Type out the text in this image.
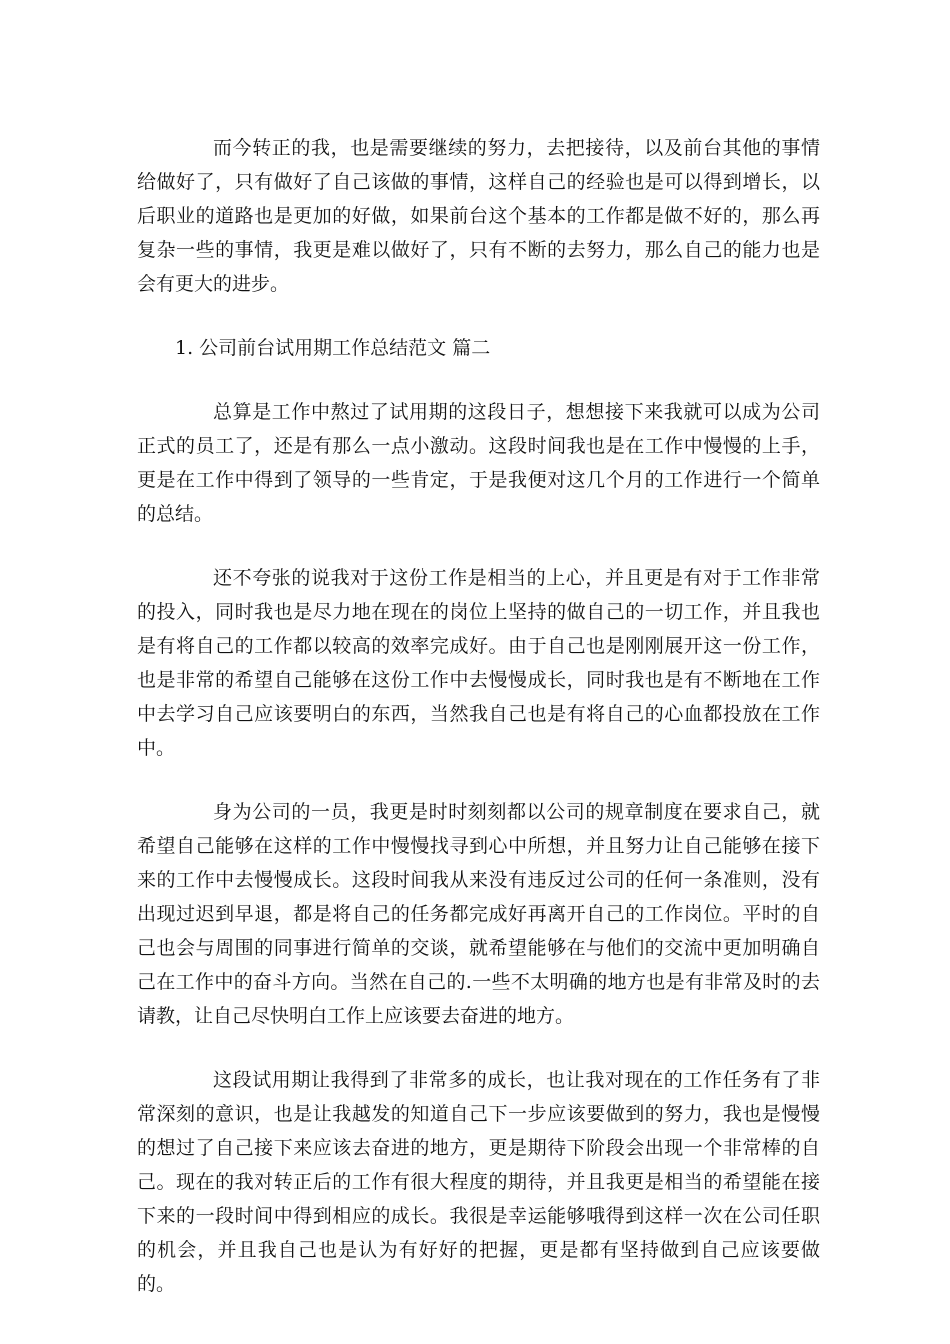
而今转正的我，也是需要继续的努力，去把接待，以及前台其他的事情给做好了，只有做好了自己该做的事情，这样自己的经验也是可以得到增长，以后职业的道路也是更加的好做，如果前台这个基本的工作都是做不好的，那么再复杂一些的事情，我更是难以做好了，只有不断的去努力，那么自己的能力也是会有更大的进步。

1. 公司前台试用期工作总结范文 篇二

总算是工作中熬过了试用期的这段日子，想想接下来我就可以成为公司正式的员工了，还是有那么一点小激动。这段时间我也是在工作中慢慢的上手，更是在工作中得到了领导的一些肯定，于是我便对这几个月的工作进行一个简单的总结。

还不夸张的说我对于这份工作是相当的上心，并且更是有对于工作非常的投入，同时我也是尽力地在现在的岗位上坚持的做自己的一切工作，并且我也是有将自己的工作都以较高的效率完成好。由于自己也是刚刚展开这一份工作，也是非常的希望自己能够在这份工作中去慢慢成长，同时我也是有不断地在工作中去学习自己应该要明白的东西，当然我自己也是有将自己的心血都投放在工作中。

身为公司的一员，我更是时时刻刻都以公司的规章制度在要求自己，就希望自己能够在这样的工作中慢慢找寻到心中所想，并且努力让自己能够在接下来的工作中去慢慢成长。这段时间我从来没有违反过公司的任何一条准则，没有出现过迟到早退，都是将自己的任务都完成好再离开自己的工作岗位。平时的自己也会与周围的同事进行简单的交谈，就希望能够在与他们的交流中更加明确自己在工作中的奋斗方向。当然在自己的.一些不太明确的地方也是有非常及时的去请教，让自己尽快明白工作上应该要去奋进的地方。

这段试用期让我得到了非常多的成长，也让我对现在的工作任务有了非常深刻的意识，也是让我越发的知道自己下一步应该要做到的努力，我也是慢慢的想过了自己接下来应该去奋进的地方，更是期待下阶段会出现一个非常棒的自己。现在的我对转正后的工作有很大程度的期待，并且我更是相当的希望能在接下来的一段时间中得到相应的成长。我很是幸运能够哦得到这样一次在公司任职的机会，并且我自己也是认为有好好的把握，更是都有坚持做到自己应该要做的。
